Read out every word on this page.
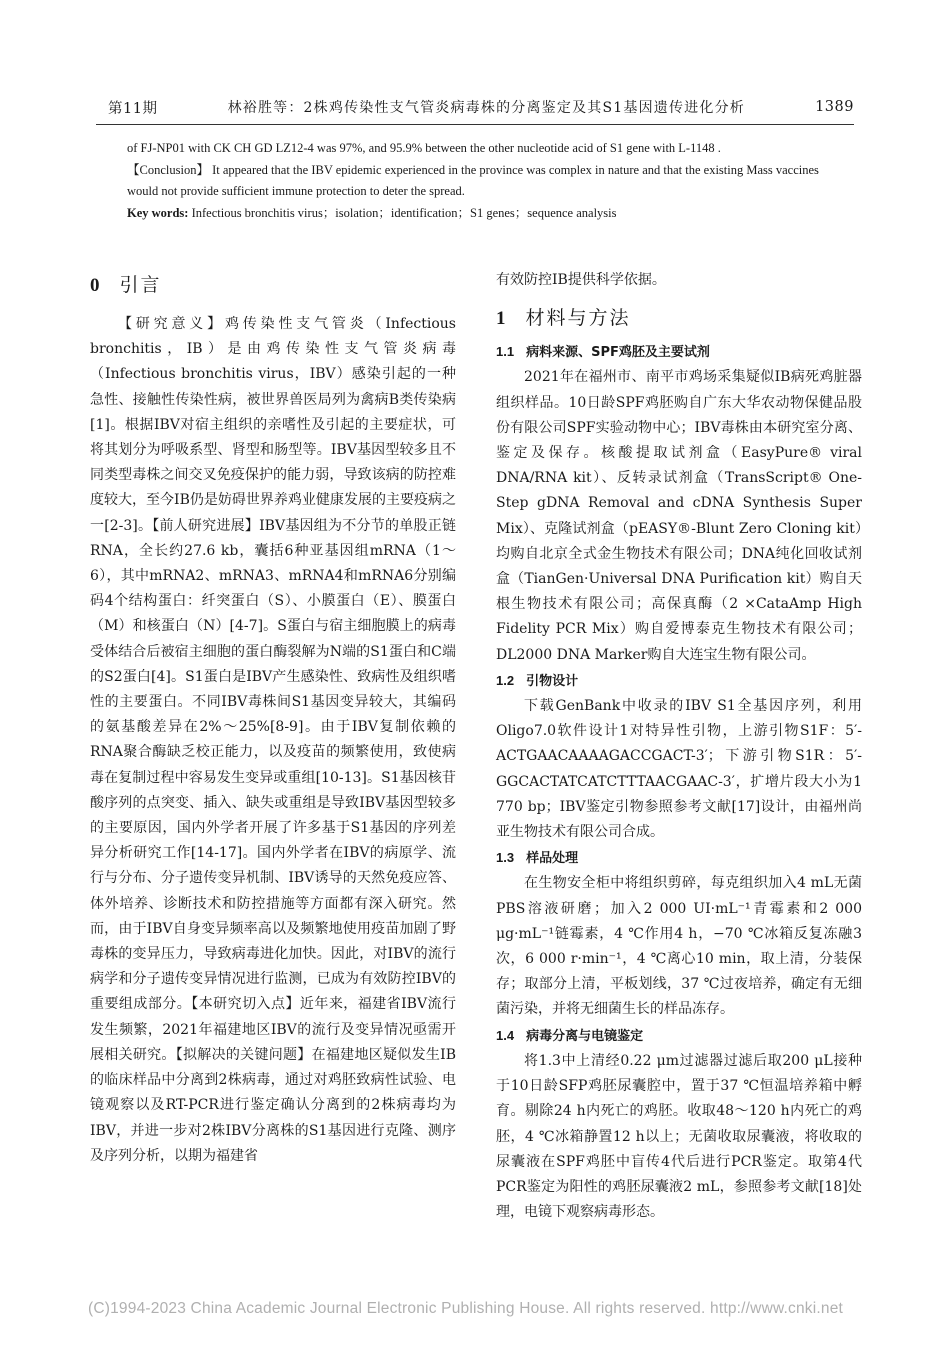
第11期	林裕胜等：2株鸡传染性支气管炎病毒株的分离鉴定及其S1基因遗传进化分析	1389

of FJ-NP01 with CK CH GD LZ12-4 was 97%, and 95.9% between the other nucleotide acid of S1 gene with L-1148 .

【Conclusion】 It appeared that the IBV epidemic experienced in the province was complex in nature and that the existing Mass vaccines would not provide sufficient immune protection to deter the spread.

Key words: Infectious bronchitis virus；isolation；identification；S1 genes；sequence analysis

0 引言

【研究意义】鸡传染性支气管炎（Infectious bronchitis，IB）是由鸡传染性支气管炎病毒（Infectious bronchitis virus，IBV）感染引起的一种急性、接触性传染性病，被世界兽医局列为禽病B类传染病[1]。根据IBV对宿主组织的亲嗜性及引起的主要症状，可将其划分为呼吸系型、肾型和肠型等。IBV基因型较多且不同类型毒株之间交叉免疫保护的能力弱，导致该病的防控难度较大，至今IB仍是妨碍世界养鸡业健康发展的主要疫病之一[2-3]。【前人研究进展】IBV基因组为不分节的单股正链RNA，全长约27.6 kb，囊括6种亚基因组mRNA（1～6），其中mRNA2、mRNA3、mRNA4和mRNA6分别编码4个结构蛋白：纤突蛋白（S）、小膜蛋白（E）、膜蛋白（M）和核蛋白（N）[4-7]。S蛋白与宿主细胞膜上的病毒受体结合后被宿主细胞的蛋白酶裂解为N端的S1蛋白和C端的S2蛋白[4]。S1蛋白是IBV产生感染性、致病性及组织嗜性的主要蛋白。不同IBV毒株间S1基因变异较大，其编码的氨基酸差异在2%～25%[8-9]。由于IBV复制依赖的RNA聚合酶缺乏校正能力，以及疫苗的频繁使用，致使病毒在复制过程中容易发生变异或重组[10-13]。S1基因核苷酸序列的点突变、插入、缺失或重组是导致IBV基因型较多的主要原因，国内外学者开展了许多基于S1基因的序列差异分析研究工作[14-17]。国内外学者在IBV的病原学、流行与分布、分子遗传变异机制、IBV诱导的天然免疫应答、体外培养、诊断技术和防控措施等方面都有深入研究。然而，由于IBV自身变异频率高以及频繁地使用疫苗加剧了野毒株的变异压力，导致病毒进化加快。因此，对IBV的流行病学和分子遗传变异情况进行监测，已成为有效防控IBV的重要组成部分。【本研究切入点】近年来，福建省IBV流行发生频繁，2021年福建地区IBV的流行及变异情况亟需开展相关研究。【拟解决的关键问题】在福建地区疑似发生IB的临床样品中分离到2株病毒，通过对鸡胚致病性试验、电镜观察以及RT-PCR进行鉴定确认分离到的2株病毒均为IBV，并进一步对2株IBV分离株的S1基因进行克隆、测序及序列分析，以期为福建省

有效防控IB提供科学依据。

1 材料与方法
1.1 病料来源、SPF鸡胚及主要试剂

2021年在福州市、南平市鸡场采集疑似IB病死鸡脏器组织样品。10日龄SPF鸡胚购自广东大华农动物保健品股份有限公司SPF实验动物中心；IBV毒株由本研究室分离、鉴定及保存。核酸提取试剂盒（EasyPure® viral DNA/RNA kit）、反转录试剂盒（TransScript® One-Step gDNA Removal and cDNA Synthesis Super Mix）、克隆试剂盒（pEASY®-Blunt Zero Cloning kit）均购自北京全式金生物技术有限公司；DNA纯化回收试剂盒（TianGen·Universal DNA Purification kit）购自天根生物技术有限公司；高保真酶（2 ×CataAmp High Fidelity PCR Mix）购自爱博泰克生物技术有限公司；DL2000 DNA Marker购自大连宝生物有限公司。

1.2 引物设计

下载GenBank中收录的IBV S1全基因序列，利用Oligo7.0软件设计1对特异性引物，上游引物S1F：5′-ACTGAACAAAAGACCGACT-3′；下游引物S1R：5′-GGCACTATCATCTTTAACGAAC-3′，扩增片段大小为1 770 bp；IBV鉴定引物参照参考文献[17]设计，由福州尚亚生物技术有限公司合成。

1.3 样品处理

在生物安全柜中将组织剪碎，每克组织加入4 mL无菌PBS溶液研磨；加入2 000 UI·mL⁻¹青霉素和2 000 μg·mL⁻¹链霉素，4 ℃作用4 h，−70 ℃冰箱反复冻融3次，6 000 r·min⁻¹，4 ℃离心10 min，取上清，分装保存；取部分上清，平板划线，37 ℃过夜培养，确定有无细菌污染，并将无细菌生长的样品冻存。

1.4 病毒分离与电镜鉴定

将1.3中上清经0.22 μm过滤器过滤后取200 μL接种于10日龄SFP鸡胚尿囊腔中，置于37 ℃恒温培养箱中孵育。剔除24 h内死亡的鸡胚。收取48～120 h内死亡的鸡胚，4 ℃冰箱静置12 h以上；无菌收取尿囊液，将收取的尿囊液在SPF鸡胚中盲传4代后进行PCR鉴定。取第4代PCR鉴定为阳性的鸡胚尿囊液2 mL，参照参考文献[18]处理，电镜下观察病毒形态。

(C)1994-2023 China Academic Journal Electronic Publishing House. All rights reserved. http://www.cnki.net
